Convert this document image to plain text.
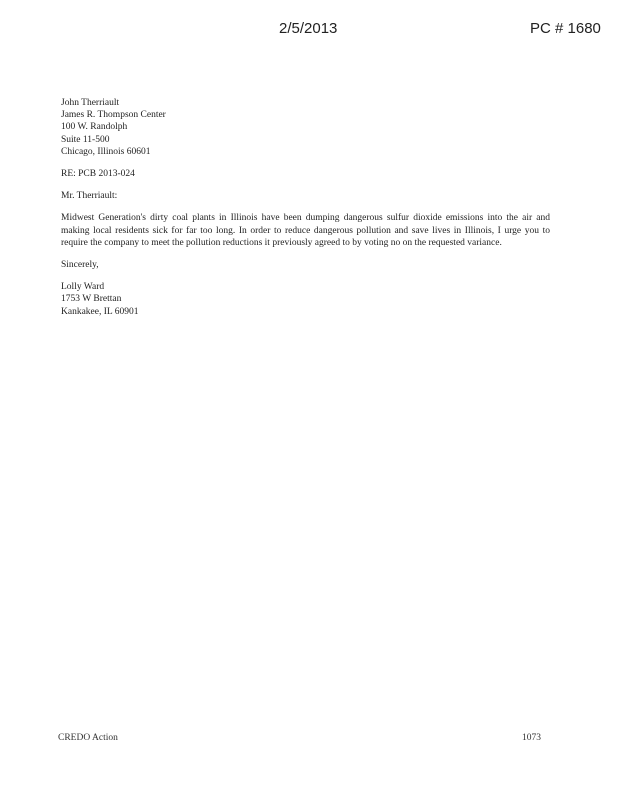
2/5/2013	PC # 1680
John Therriault
James R. Thompson Center
100 W. Randolph
Suite 11-500
Chicago, Illinois 60601
RE: PCB 2013-024
Mr. Therriault:
Midwest Generation's dirty coal plants in Illinois have been dumping dangerous sulfur dioxide emissions into the air and making local residents sick for far too long. In order to reduce dangerous pollution and save lives in Illinois, I urge you to require the company to meet the pollution reductions it previously agreed to by voting no on the requested variance.
Sincerely,
Lolly Ward
1753 W Brettan
Kankakee, IL 60901
CREDO Action	1073
